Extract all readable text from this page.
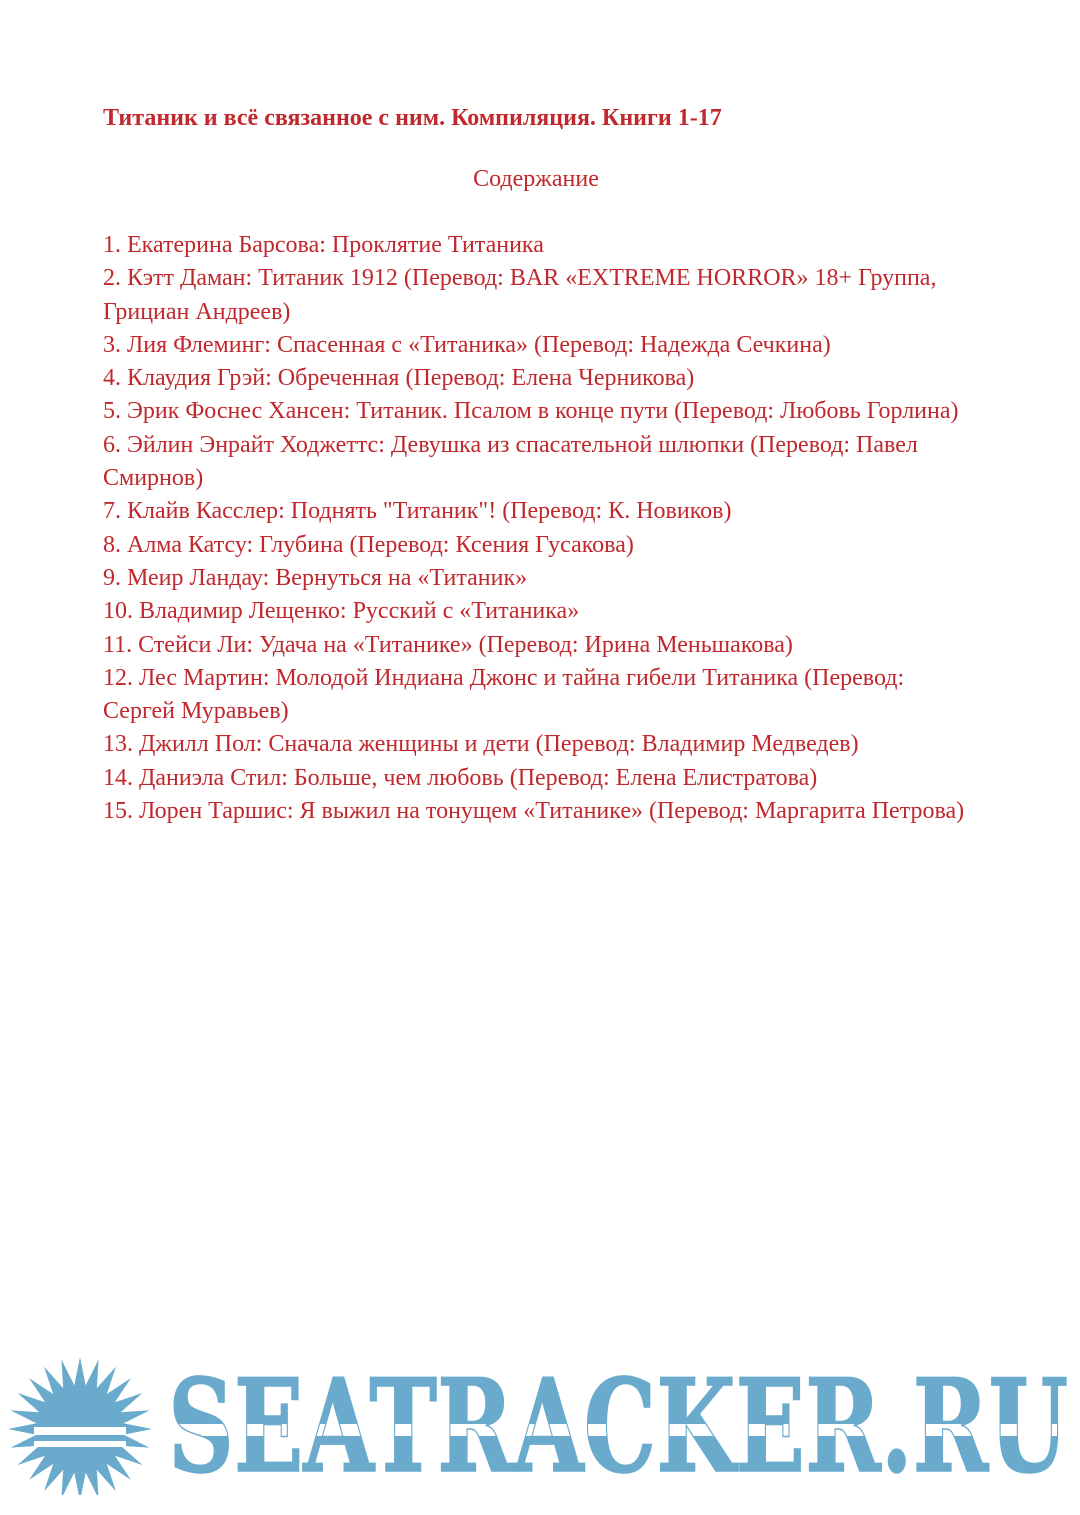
Титаник и всё связанное с ним. Компиляция. Книги 1-17
Содержание
1. Екатерина Барсова: Проклятие Титаника
2. Кэтт Даман: Титаник 1912 (Перевод: BAR «EXTREME HORROR» 18+ Группа, Грициан Андреев)
3. Лия Флеминг: Спасенная с «Титаника» (Перевод: Надежда Сечкина)
4. Клаудия Грэй: Обреченная (Перевод: Елена Черникова)
5. Эрик Фоснес Хансен: Титаник. Псалом в конце пути (Перевод: Любовь Горлина)
6. Эйлин Энрайт Ходжеттс: Девушка из спасательной шлюпки (Перевод: Павел Смирнов)
7. Клайв Касслер: Поднять "Титаник"! (Перевод: К. Новиков)
8. Алма Катсу: Глубина (Перевод: Ксения Гусакова)
9. Меир Ландау: Вернуться на «Титаник»
10. Владимир Лещенко: Русский с «Титаника»
11. Стейси Ли: Удача на «Титанике» (Перевод: Ирина Меньшакова)
12. Лес Мартин: Молодой Индиана Джонс и тайна гибели Титаника (Перевод: Сергей Муравьев)
13. Джилл Пол: Сначала женщины и дети (Перевод: Владимир Медведев)
14. Даниэла Стил: Больше, чем любовь (Перевод: Елена Елистратова)
15. Лорен Таршис: Я выжил на тонущем «Титанике» (Перевод: Маргарита Петрова)
SEATRACKER.RU
